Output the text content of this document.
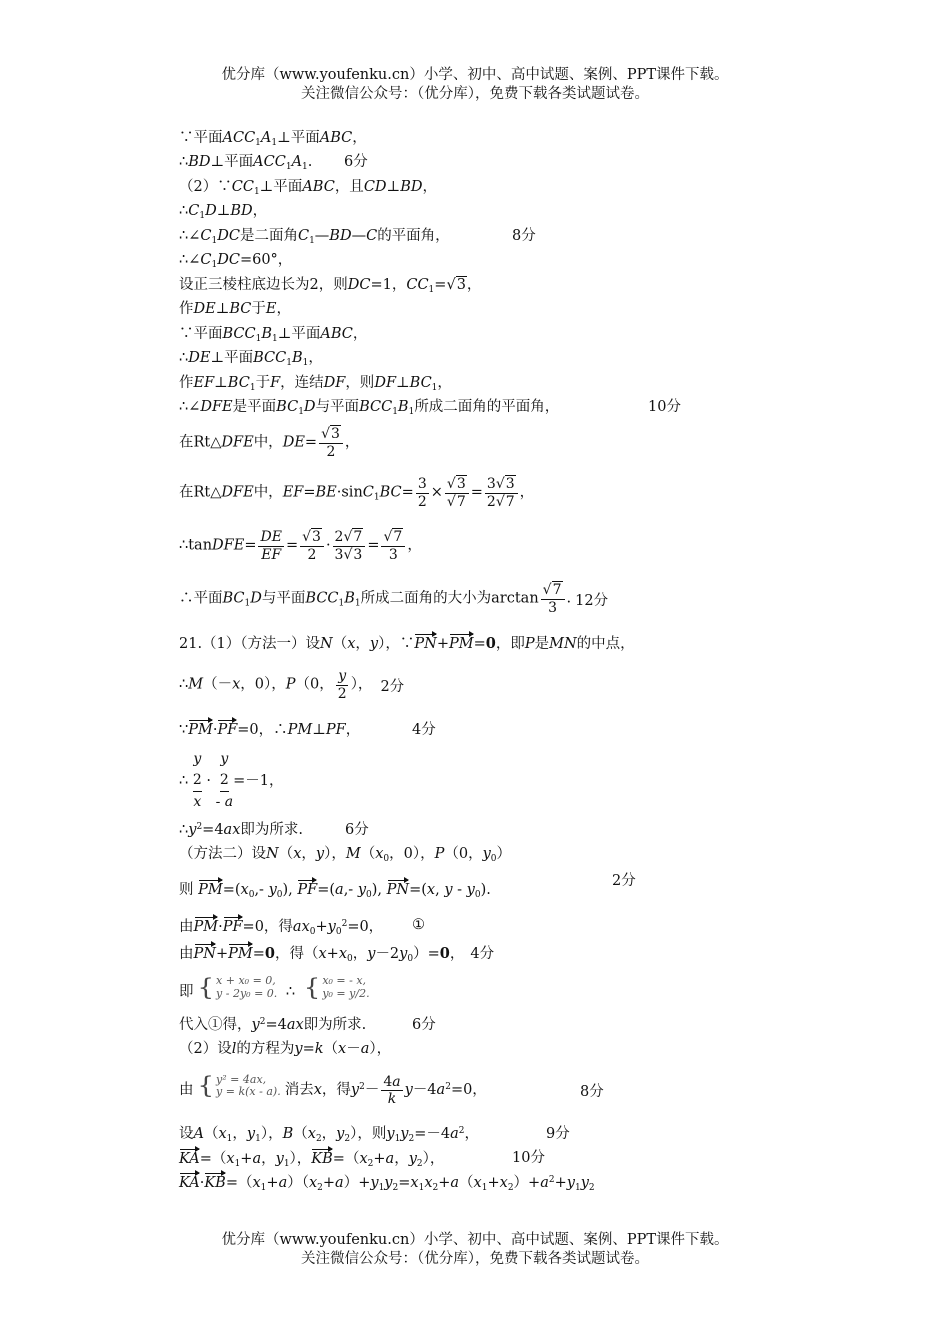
优分库（www.youfenku.cn）小学、初中、高中试题、案例、PPT课件下载。
关注微信公众号：（优分库），免费下载各类试题试卷。
∵平面$ACC_1A_1\perp$平面ABC，
∴BD⊥平面$ACC_1A_1$. 6分
$(2)\because CC_1\perp$平面ABC，且CD⊥BD，
$\therefore C_1D\perp BD$，
$\therefore\angle C_1DC$是二面角$C_1—BD—C$的平面角，	8分
$\therefore\angle C_1DC=60^\circ$，
设正三棱柱底边长为2，则DC=1，$CC_1=√3$，
作DE⊥BC于E，
∵平面$BCC_1B_1\perp$平面ABC，
∴DE⊥平面$BCC_1B_1$，
作$EF\perp BC_1$于F，连结DF，则$DF\perp BC_1$，
∴∠DFE是平面$BC_1D$与平面$BCC_1B_1$所成二面角的平面角，	10分
在Rt△DFE中，$DE= \frac{√3}{2}$ ，
在Rt△DFE中，$EF=BE\cdot\sin C_1BC= \frac{3}{2} \times \frac{√3}{√7} = \frac{3√3}{2√7}$ ，
∴tanDFE= $\frac{DE}{EF} = \frac{√3}{2} \cdot \frac{2√7}{3√3} = \frac{√7}{3}$ ，
∴平面$BC_1D$与平面$BCC_1B_1$所成二面角的大小为$\arctan \frac{√7}{3}$ . 12分
21.（1）（方法一）设N（x，y），∵PN+PM=0，即P是MN的中点，
∴M（－x，0），P（0， $\frac{y}{2}$ ）， 2分
∵PM·PF=0，∴PM⊥PF，	4分
∴
y
2
x
·
y
2
- a
=－1，
$\therefore y^2=4ax$即为所求.	6分
（方法二）设N（x，y），$M(x_0$，0），P（0，$y_0$）
则 $PM=(x_0,-$ $y_0$), PF=(a,- $y_0$), PN=(x, y - $y_0$).
2分
由PM·PF=0，得$ax_0+y_0^2=0$， ①
由PN+PM=0，得（$x+x_0$，$y-2y_0)=0$， 4分
即 { x + x₀ = 0,
y - 2y₀ = 0. ∴ { x₀ = - x,
y₀ = y/2.
代入①得，$y^2=4ax$即为所求.	6分
（2）设l的方程为y=k（x－a），
由 { y² = 4ax,
y = k(x - a). 消去x，得$y^2- \frac{4a}{k} y-4a^2=0$，	8分
设$A(x_1$，$y_1$），$B(x_2$，$y_2$），则$y_1y_2=-4a^2$，	9分
$KA=(x_1+a$，$y_1$），$KB=(x_2+a$，$y_2$），	10分
$KA\cdot KB=(x_1+a)(x_2+a)+y_1y_2=x_1x_2+a(x_1+x_2)+a^2+y_1y_2$
优分库（www.youfenku.cn）小学、初中、高中试题、案例、PPT课件下载。
关注微信公众号：（优分库），免费下载各类试题试卷。
